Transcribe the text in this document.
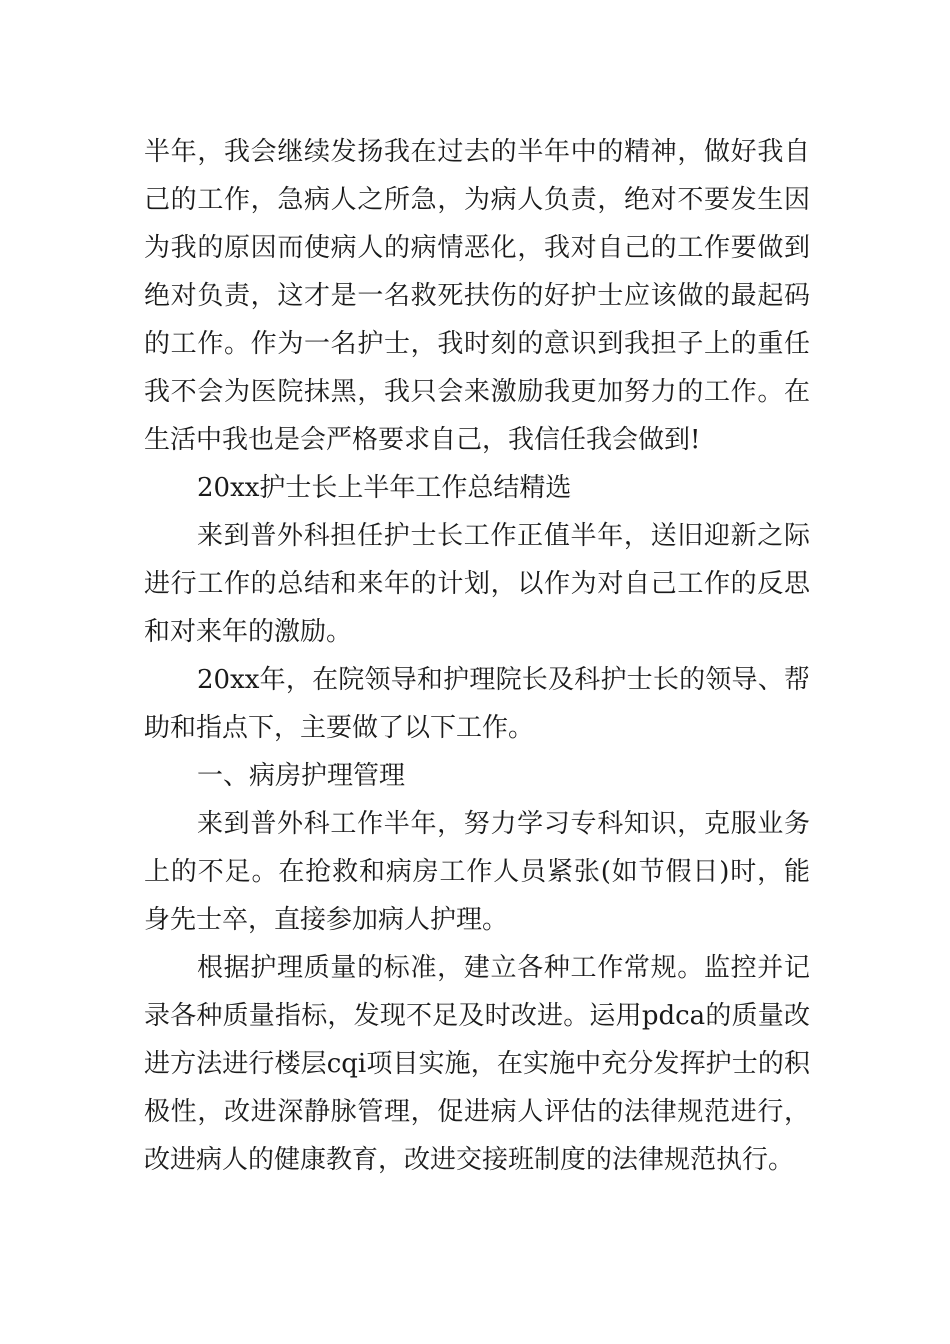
半年，我会继续发扬我在过去的半年中的精神，做好我自己的工作，急病人之所急，为病人负责，绝对不要发生因为我的原因而使病人的病情恶化，我对自己的工作要做到绝对负责，这才是一名救死扶伤的好护士应该做的最起码的工作。作为一名护士，我时刻的意识到我担子上的重任我不会为医院抹黑，我只会来激励我更加努力的工作。在生活中我也是会严格要求自己，我信任我会做到!

20xx护士长上半年工作总结精选

来到普外科担任护士长工作正值半年，送旧迎新之际进行工作的总结和来年的计划，以作为对自己工作的反思和对来年的激励。

20xx年，在院领导和护理院长及科护士长的领导、帮助和指点下，主要做了以下工作。

一、病房护理管理

来到普外科工作半年，努力学习专科知识，克服业务上的不足。在抢救和病房工作人员紧张(如节假日)时，能身先士卒，直接参加病人护理。

根据护理质量的标准，建立各种工作常规。监控并记录各种质量指标，发现不足及时改进。运用pdca的质量改进方法进行楼层cqi项目实施，在实施中充分发挥护士的积极性，改进深静脉管理，促进病人评估的法律规范进行，改进病人的健康教育，改进交接班制度的法律规范执行。
